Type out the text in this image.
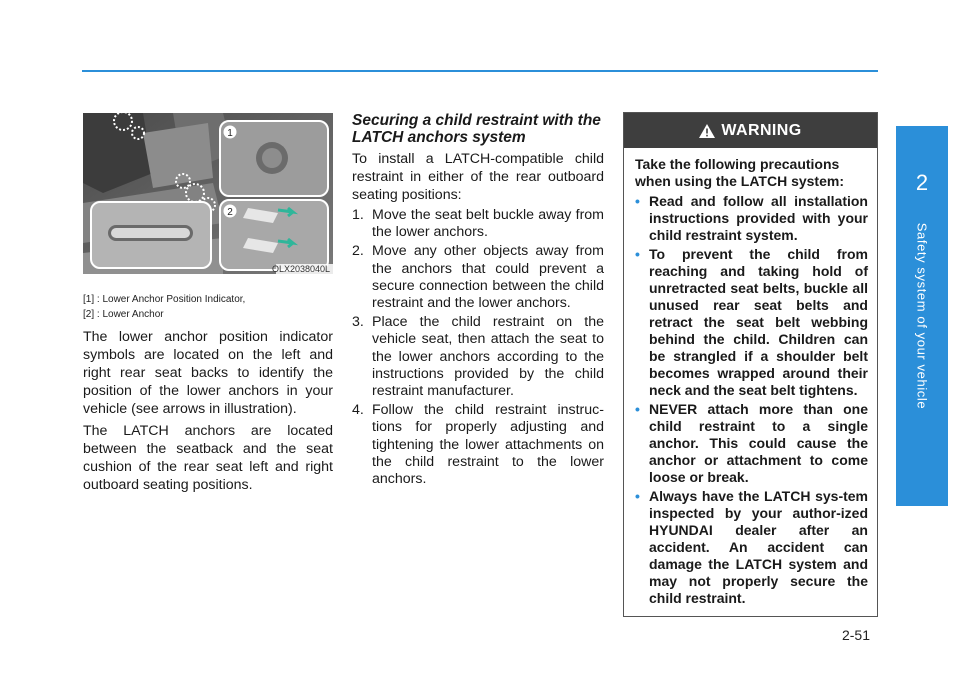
2
Safety system of your vehicle
1
2
OLX2038040L
[1] : Lower Anchor Position Indicator,
[2] : Lower Anchor

The lower anchor position indicator symbols are located on the left and right rear seat backs to identify the position of the lower anchors in your vehicle (see arrows in illustration).

The LATCH anchors are located between the seatback and the seat cushion of the rear seat left and right outboard seating positions.

Securing a child restraint with the LATCH anchors system

To install a LATCH-compatible child restraint in either of the rear outboard seating positions:

1. Move the seat belt buckle away from the lower anchors.
2. Move any other objects away from the anchors that could prevent a secure connection between the child restraint and the lower anchors.
3. Place the child restraint on the vehicle seat, then attach the seat to the lower anchors according to the instructions provided by the child restraint manufacturer.
4. Follow the child restraint instruc-tions for properly adjusting and tightening the lower attachments on the child restraint to the lower anchors.
WARNING

Take the following precautions when using the LATCH system:

• Read and follow all installation instructions provided with your child restraint system.
• To prevent the child from reaching and taking hold of unretracted seat belts, buckle all unused rear seat belts and retract the seat belt webbing behind the child. Children can be strangled if a shoulder belt becomes wrapped around their neck and the seat belt tightens.
• NEVER attach more than one child restraint to a single anchor. This could cause the anchor or attachment to come loose or break.
• Always have the LATCH sys-tem inspected by your author-ized HYUNDAI dealer after an accident. An accident can damage the LATCH system and may not properly secure the child restraint.
2-51
